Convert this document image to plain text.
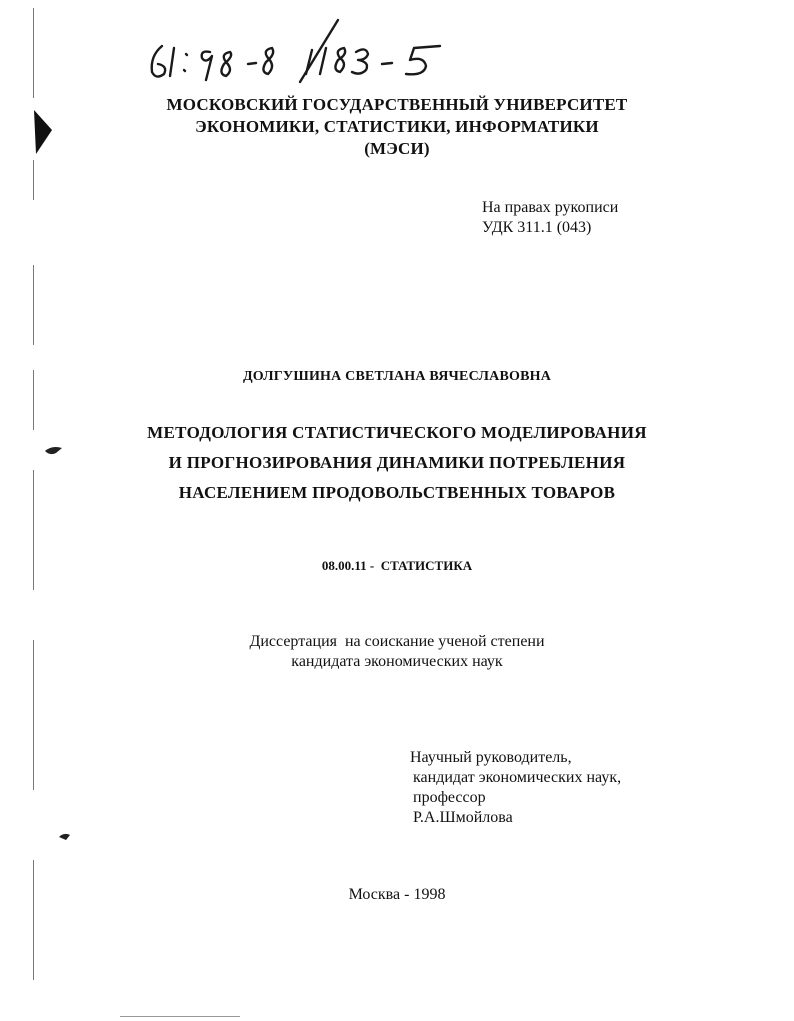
МОСКОВСКИЙ ГОСУДАРСТВЕННЫЙ УНИВЕРСИТЕТ
ЭКОНОМИКИ, СТАТИСТИКИ, ИНФОРМАТИКИ
(МЭСИ)
На правах рукописи
УДК 311.1 (043)
ДОЛГУШИНА СВЕТЛАНА ВЯЧЕСЛАВОВНА
МЕТОДОЛОГИЯ СТАТИСТИЧЕСКОГО МОДЕЛИРОВАНИЯ
И ПРОГНОЗИРОВАНИЯ ДИНАМИКИ ПОТРЕБЛЕНИЯ
НАСЕЛЕНИЕМ ПРОДОВОЛЬСТВЕННЫХ ТОВАРОВ
08.00.11 -  СТАТИСТИКА
Диссертация  на соискание ученой степени
кандидата экономических наук
Научный руководитель,
кандидат экономических наук,
профессор
Р.А.Шмойлова
Москва - 1998
